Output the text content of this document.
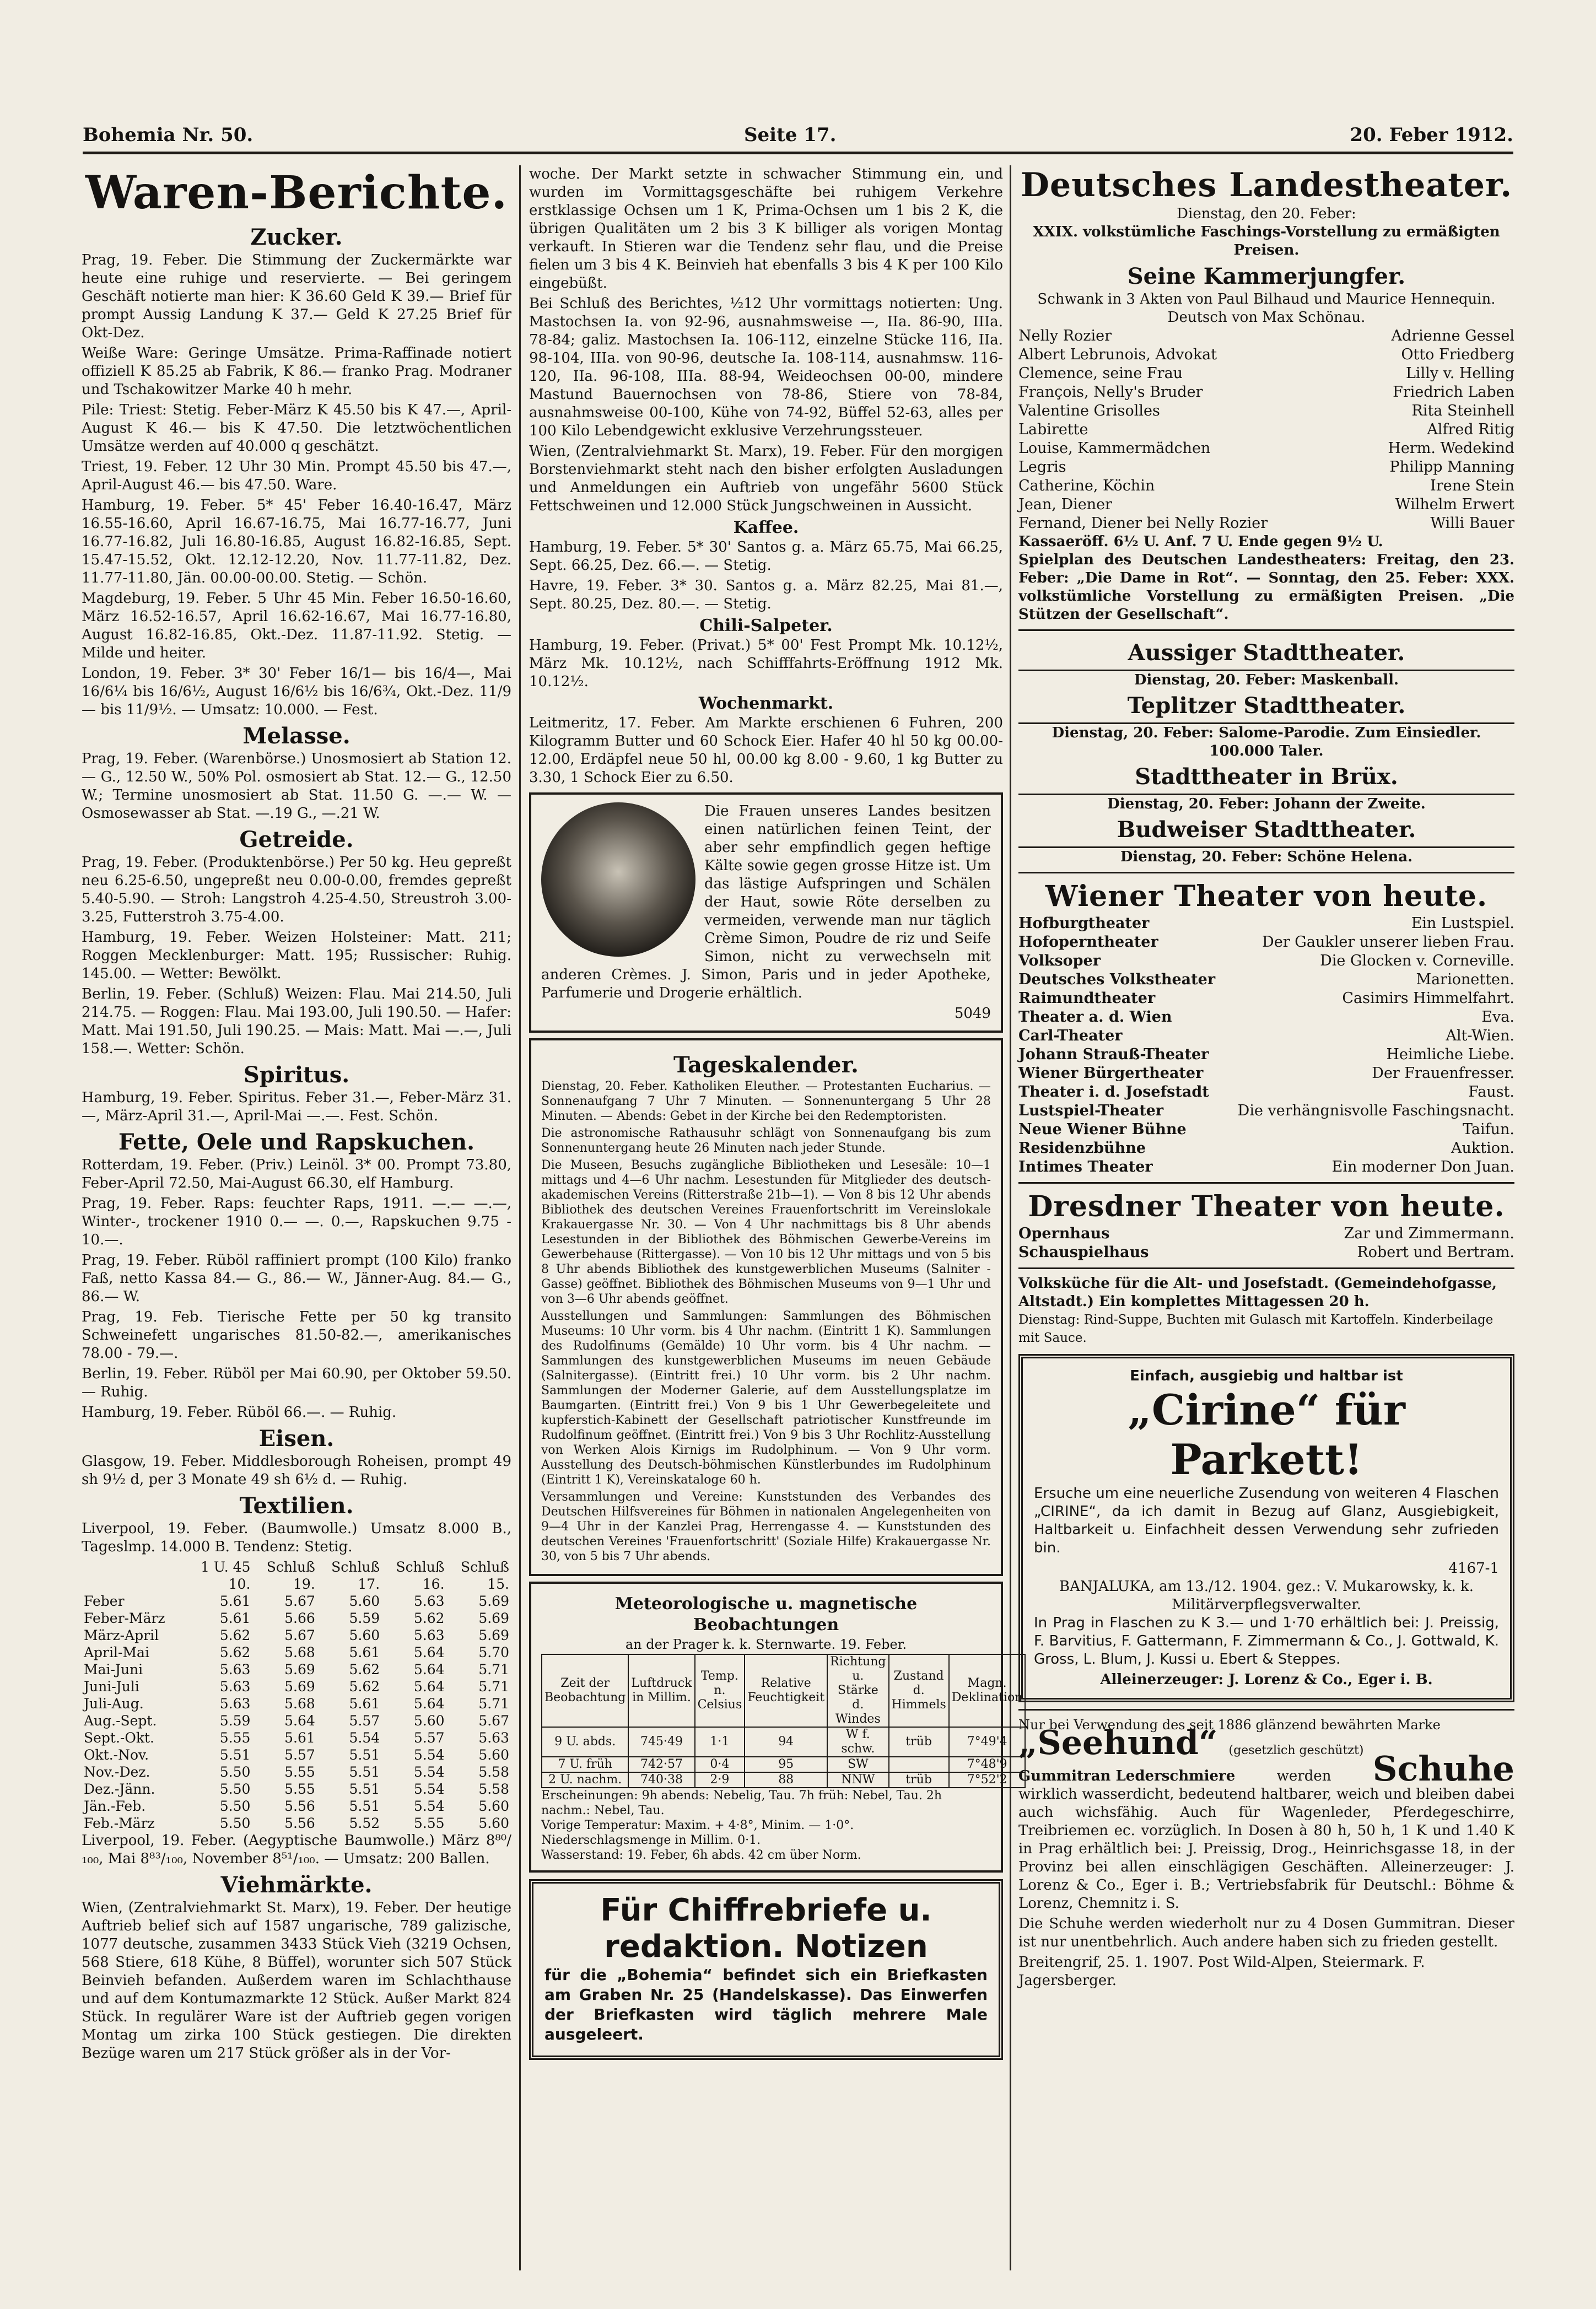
Bohemia Nr. 50.	Seite 17.	20. Feber 1912.
Waren-Berichte.
Zucker.

Prag, 19. Feber. Die Stimmung der Zuckermärkte war heute eine ruhige und reservierte. — Bei geringem Geschäft notierte man hier: K 36.60 Geld K 39.— Brief für prompt Aussig Landung K 37.— Geld K 27.25 Brief für Okt-Dez.

Weiße Ware: Geringe Umsätze. Prima-Raffinade notiert offiziell K 85.25 ab Fabrik, K 86.— franko Prag. Modraner und Tschakowitzer Marke 40 h mehr.

Pile: Triest: Stetig. Feber-März K 45.50 bis K 47.—, April-August K 46.— bis K 47.50. Die letztwöchentlichen Umsätze werden auf 40.000 q geschätzt.

Triest, 19. Feber. 12 Uhr 30 Min. Prompt 45.50 bis 47.—, April-August 46.— bis 47.50. Ware.

Hamburg, 19. Feber. 5* 45' Feber 16.40-16.47, März 16.55-16.60, April 16.67-16.75, Mai 16.77-16.77, Juni 16.77-16.82, Juli 16.80-16.85, August 16.82-16.85, Sept. 15.47-15.52, Okt. 12.12-12.20, Nov. 11.77-11.82, Dez. 11.77-11.80, Jän. 00.00-00.00. Stetig. — Schön.

Magdeburg, 19. Feber. 5 Uhr 45 Min. Feber 16.50-16.60, März 16.52-16.57, April 16.62-16.67, Mai 16.77-16.80, August 16.82-16.85, Okt.-Dez. 11.87-11.92. Stetig. — Milde und heiter.

London, 19. Feber. 3* 30' Feber 16/1— bis 16/4—, Mai 16/6¼ bis 16/6½, August 16/6½ bis 16/6¾, Okt.-Dez. 11/9— bis 11/9½. — Umsatz: 10.000. — Fest.

Melasse.

Prag, 19. Feber. (Warenbörse.) Unosmosiert ab Station 12.— G., 12.50 W., 50% Pol. osmosiert ab Stat. 12.— G., 12.50 W.; Termine unosmosiert ab Stat. 11.50 G. —.— W. — Osmosewasser ab Stat. —.19 G., —.21 W.

Getreide.

Prag, 19. Feber. (Produktenbörse.) Per 50 kg. Heu gepreßt neu 6.25-6.50, ungepreßt neu 0.00-0.00, fremdes gepreßt 5.40-5.90. — Stroh: Langstroh 4.25-4.50, Streustroh 3.00-3.25, Futterstroh 3.75-4.00.

Hamburg, 19. Feber. Weizen Holsteiner: Matt. 211; Roggen Mecklenburger: Matt. 195; Russischer: Ruhig. 145.00. — Wetter: Bewölkt.

Berlin, 19. Feber. (Schluß) Weizen: Flau. Mai 214.50, Juli 214.75. — Roggen: Flau. Mai 193.00, Juli 190.50. — Hafer: Matt. Mai 191.50, Juli 190.25. — Mais: Matt. Mai —.—, Juli 158.—. Wetter: Schön.

Spiritus.

Hamburg, 19. Feber. Spiritus. Feber 31.—, Feber-März 31.—, März-April 31.—, April-Mai —.—. Fest. Schön.

Fette, Oele und Rapskuchen.

Rotterdam, 19. Feber. (Priv.) Leinöl. 3* 00. Prompt 73.80, Feber-April 72.50, Mai-August 66.30, elf Hamburg.

Prag, 19. Feber. Raps: feuchter Raps, 1911. —.— —.—, Winter-, trockener 1910 0.— —. 0.—, Rapskuchen 9.75 - 10.—.

Prag, 19. Feber. Rüböl raffiniert prompt (100 Kilo) franko Faß, netto Kassa 84.— G., 86.— W., Jänner-Aug. 84.— G., 86.— W.

Prag, 19. Feb. Tierische Fette per 50 kg transito Schweinefett ungarisches 81.50-82.—, amerikanisches 78.00 - 79.—.

Berlin, 19. Feber. Rüböl per Mai 60.90, per Oktober 59.50. — Ruhig.

Hamburg, 19. Feber. Rüböl 66.—. — Ruhig.

Eisen.

Glasgow, 19. Feber. Middlesborough Roheisen, prompt 49 sh 9½ d, per 3 Monate 49 sh 6½ d. — Ruhig.

Textilien.

Liverpool, 19. Feber. (Baumwolle.) Umsatz 8.000 B., Tageslmp. 14.000 B. Tendenz: Stetig.

	1 U. 45	Schluß	Schluß	Schluß	Schluß
	10.	19.	17.	16.	15.
Feber	5.61	5.67	5.60	5.63	5.69
Feber-März	5.61	5.66	5.59	5.62	5.69
März-April	5.62	5.67	5.60	5.63	5.69
April-Mai	5.62	5.68	5.61	5.64	5.70
Mai-Juni	5.63	5.69	5.62	5.64	5.71
Juni-Juli	5.63	5.69	5.62	5.64	5.71
Juli-Aug.	5.63	5.68	5.61	5.64	5.71
Aug.-Sept.	5.59	5.64	5.57	5.60	5.67
Sept.-Okt.	5.55	5.61	5.54	5.57	5.63
Okt.-Nov.	5.51	5.57	5.51	5.54	5.60
Nov.-Dez.	5.50	5.55	5.51	5.54	5.58
Dez.-Jänn.	5.50	5.55	5.51	5.54	5.58
Jän.-Feb.	5.50	5.56	5.51	5.54	5.60
Feb.-März	5.50	5.56	5.52	5.55	5.60

Liverpool, 19. Feber. (Aegyptische Baumwolle.) März 8⁸⁰/₁₀₀, Mai 8⁸³/₁₀₀, November 8⁵¹/₁₀₀. — Umsatz: 200 Ballen.

Viehmärkte.

Wien, (Zentralviehmarkt St. Marx), 19. Feber. Der heutige Auftrieb belief sich auf 1587 ungarische, 789 galizische, 1077 deutsche, zusammen 3433 Stück Vieh (3219 Ochsen, 568 Stiere, 618 Kühe, 8 Büffel), worunter sich 507 Stück Beinvieh befanden. Außerdem waren im Schlachthause und auf dem Kontumazmarkte 12 Stück. Außer Markt 824 Stück. In regulärer Ware ist der Auftrieb gegen vorigen Montag um zirka 100 Stück gestiegen. Die direkten Bezüge waren um 217 Stück größer als in der Vor-

woche. Der Markt setzte in schwacher Stimmung ein, und wurden im Vormittagsgeschäfte bei ruhigem Verkehre erstklassige Ochsen um 1 K, Prima-Ochsen um 1 bis 2 K, die übrigen Qualitäten um 2 bis 3 K billiger als vorigen Montag verkauft. In Stieren war die Tendenz sehr flau, und die Preise fielen um 3 bis 4 K. Beinvieh hat ebenfalls 3 bis 4 K per 100 Kilo eingebüßt.

Bei Schluß des Berichtes, ½12 Uhr vormittags notierten: Ung. Mastochsen Ia. von 92-96, ausnahmsweise —, IIa. 86-90, IIIa. 78-84; galiz. Mastochsen Ia. 106-112, einzelne Stücke 116, IIa. 98-104, IIIa. von 90-96, deutsche Ia. 108-114, ausnahmsw. 116-120, IIa. 96-108, IIIa. 88-94, Weideochsen 00-00, mindere Mastund Bauernochsen von 78-86, Stiere von 78-84, ausnahmsweise 00-100, Kühe von 74-92, Büffel 52-63, alles per 100 Kilo Lebendgewicht exklusive Verzehrungssteuer.

Wien, (Zentralviehmarkt St. Marx), 19. Feber. Für den morgigen Borstenviehmarkt steht nach den bisher erfolgten Ausladungen und Anmeldungen ein Auftrieb von ungefähr 5600 Stück Fettschweinen und 12.000 Stück Jungschweinen in Aussicht.

Kaffee.

Hamburg, 19. Feber. 5* 30' Santos g. a. März 65.75, Mai 66.25, Sept. 66.25, Dez. 66.—. — Stetig.

Havre, 19. Feber. 3* 30. Santos g. a. März 82.25, Mai 81.—, Sept. 80.25, Dez. 80.—. — Stetig.

Chili-Salpeter.

Hamburg, 19. Feber. (Privat.) 5* 00' Fest Prompt Mk. 10.12½, März Mk. 10.12½, nach Schifffahrts-Eröffnung 1912 Mk. 10.12½.

Wochenmarkt.

Leitmeritz, 17. Feber. Am Markte erschienen 6 Fuhren, 200 Kilogramm Butter und 60 Schock Eier. Hafer 40 hl 50 kg 00.00-12.00, Erdäpfel neue 50 hl, 00.00 kg 8.00 - 9.60, 1 kg Butter zu 3.30, 1 Schock Eier zu 6.50.

Die Frauen unseres Landes besitzen einen natürlichen feinen Teint, der aber sehr empfindlich gegen heftige Kälte sowie gegen grosse Hitze ist. Um das lästige Aufspringen und Schälen der Haut, sowie Röte derselben zu vermeiden, verwende man nur täglich Crème Simon, Poudre de riz und Seife Simon, nicht zu verwechseln mit anderen Crèmes. J. Simon, Paris und in jeder Apotheke, Parfumerie und Drogerie erhältlich.

5049
Tageskalender.

Dienstag, 20. Feber. Katholiken Eleuther. — Protestanten Eucharius. — Sonnenaufgang 7 Uhr 7 Minuten. — Sonnenuntergang 5 Uhr 28 Minuten. — Abends: Gebet in der Kirche bei den Redemptoristen.

Die astronomische Rathausuhr schlägt von Sonnenaufgang bis zum Sonnenuntergang heute 26 Minuten nach jeder Stunde.

Die Museen, Besuchs zugängliche Bibliotheken und Lesesäle: 10—1 mittags und 4—6 Uhr nachm. Lesestunden für Mitglieder des deutsch-akademischen Vereins (Ritterstraße 21b—1). — Von 8 bis 12 Uhr abends Bibliothek des deutschen Vereines Frauenfortschritt im Vereinslokale Krakauergasse Nr. 30. — Von 4 Uhr nachmittags bis 8 Uhr abends Lesestunden in der Bibliothek des Böhmischen Gewerbe-Vereins im Gewerbehause (Rittergasse). — Von 10 bis 12 Uhr mittags und von 5 bis 8 Uhr abends Bibliothek des kunstgewerblichen Museums (Salniter - Gasse) geöffnet. Bibliothek des Böhmischen Museums von 9—1 Uhr und von 3—6 Uhr abends geöffnet.

Ausstellungen und Sammlungen: Sammlungen des Böhmischen Museums: 10 Uhr vorm. bis 4 Uhr nachm. (Eintritt 1 K). Sammlungen des Rudolfinums (Gemälde) 10 Uhr vorm. bis 4 Uhr nachm. — Sammlungen des kunstgewerblichen Museums im neuen Gebäude (Salnitergasse). (Eintritt frei.) 10 Uhr vorm. bis 2 Uhr nachm. Sammlungen der Moderner Galerie, auf dem Ausstellungsplatze im Baumgarten. (Eintritt frei.) Von 9 bis 1 Uhr Gewerbegeleitete und kupferstich-Kabinett der Gesellschaft patriotischer Kunstfreunde im Rudolfinum geöffnet. (Eintritt frei.) Von 9 bis 3 Uhr Rochlitz-Ausstellung von Werken Alois Kirnigs im Rudolphinum. — Von 9 Uhr vorm. Ausstellung des Deutsch-böhmischen Künstlerbundes im Rudolphinum (Eintritt 1 K), Vereinskataloge 60 h.

Versammlungen und Vereine: Kunststunden des Verbandes des Deutschen Hilfsvereines für Böhmen in nationalen Angelegenheiten von 9—4 Uhr in der Kanzlei Prag, Herrengasse 4. — Kunststunden des deutschen Vereines 'Frauenfortschritt' (Soziale Hilfe) Krakauergasse Nr. 30, von 5 bis 7 Uhr abends.

Meteorologische u. magnetische Beobachtungen
an der Prager k. k. Sternwarte. 19. Feber.
Zeit der Beobachtung	Luftdruck in Millim.	Temp. n. Celsius	Relative Feuchtigkeit	Richtung u. Stärke d. Windes	Zustand d. Himmels	Magn. Deklination
9 U. abds.	745·49	1·1	94	W f. schw.	trüb	7°49'4
7 U. früh	742·57	0·4	95	SW		7°48'9
2 U. nachm.	740·38	2·9	88	NNW	trüb	7°52'2
Erscheinungen: 9h abends: Nebelig, Tau. 7h früh: Nebel, Tau. 2h nachm.: Nebel, Tau.
Vorige Temperatur: Maxim. + 4·8°, Minim. — 1·0°.
Niederschlagsmenge in Millim. 0·1.
Wasserstand: 19. Feber, 6h abds. 42 cm über Norm.
Für Chiffrebriefe u. redaktion. Notizen

für die „Bohemia“ befindet sich ein Briefkasten am Graben Nr. 25 (Handelskasse). Das Einwerfen der Briefkasten wird täglich mehrere Male ausgeleert.

Deutsches Landestheater.
Dienstag, den 20. Feber:
XXIX. volkstümliche Faschings-Vorstellung zu ermäßigten Preisen.
Seine Kammerjungfer.
Schwank in 3 Akten von Paul Bilhaud und Maurice Hennequin. Deutsch von Max Schönau.
Nelly Rozier	Adrienne Gessel
Albert Lebrunois, Advokat	Otto Friedberg
Clemence, seine Frau	Lilly v. Helling
François, Nelly's Bruder	Friedrich Laben
Valentine Grisolles	Rita Steinhell
Labirette	Alfred Ritig
Louise, Kammermädchen	Herm. Wedekind
Legris	Philipp Manning
Catherine, Köchin	Irene Stein
Jean, Diener	Wilhelm Erwert
Fernand, Diener bei Nelly Rozier	Willi Bauer
Kassaeröff. 6½ U. Anf. 7 U. Ende gegen 9½ U.

Spielplan des Deutschen Landestheaters: Freitag, den 23. Feber: „Die Dame in Rot“. — Sonntag, den 25. Feber: XXX. volkstümliche Vorstellung zu ermäßigten Preisen. „Die Stützen der Gesellschaft“.

Aussiger Stadttheater.
Dienstag, 20. Feber: Maskenball.
Teplitzer Stadttheater.
Dienstag, 20. Feber: Salome-Parodie. Zum Einsiedler. 100.000 Taler.
Stadttheater in Brüx.
Dienstag, 20. Feber: Johann der Zweite.
Budweiser Stadttheater.
Dienstag, 20. Feber: Schöne Helena.
Wiener Theater von heute.
Hofburgtheater	Ein Lustspiel.
Hofoperntheater	Der Gaukler unserer lieben Frau.
Volksoper	Die Glocken v. Corneville.
Deutsches Volkstheater	Marionetten.
Raimundtheater	Casimirs Himmelfahrt.
Theater a. d. Wien	Eva.
Carl-Theater	Alt-Wien.
Johann Strauß-Theater	Heimliche Liebe.
Wiener Bürgertheater	Der Frauenfresser.
Theater i. d. Josefstadt	Faust.
Lustspiel-Theater	Die verhängnisvolle Faschingsnacht.
Neue Wiener Bühne	Taifun.
Residenzbühne	Auktion.
Intimes Theater	Ein moderner Don Juan.
Dresdner Theater von heute.
Opernhaus	Zar und Zimmermann.
Schauspielhaus	Robert und Bertram.
Volksküche für die Alt- und Josefstadt. (Gemeindehofgasse, Altstadt.) Ein komplettes Mittagessen 20 h.
Dienstag: Rind-Suppe, Buchten mit Gulasch mit Kartoffeln. Kinderbeilage mit Sauce.
Einfach, ausgiebig und haltbar ist
„Cirine“ für Parkett!

Ersuche um eine neuerliche Zusendung von weiteren 4 Flaschen „CIRINE“, da ich damit in Bezug auf Glanz, Ausgiebigkeit, Haltbarkeit u. Einfachheit dessen Verwendung sehr zufrieden bin.

4167-1
BANJALUKA, am 13./12. 1904. gez.: V. Mukarowsky, k. k. Militärverpflegsverwalter.

In Prag in Flaschen zu K 3.— und 1·70 erhältlich bei: J. Preissig, F. Barvitius, F. Gattermann, F. Zimmermann & Co., J. Gottwald, K. Gross, L. Blum, J. Kussi u. Ebert & Steppes.

Alleinerzeuger: J. Lorenz & Co., Eger i. B.
Nur bei Verwendung des seit 1886 glänzend bewährten Marke
„Seehund“ (gesetzlich geschützt)
Gummitran Lederschmiere	werden Schuhe

wirklich wasserdicht, bedeutend haltbarer, weich und bleiben dabei auch wichsfähig. Auch für Wagenleder, Pferdegeschirre, Treibriemen ec. vorzüglich. In Dosen à 80 h, 50 h, 1 K und 1.40 K in Prag erhältlich bei: J. Preissig, Drog., Heinrichsgasse 18, in der Provinz bei allen einschlägigen Geschäften. Alleinerzeuger: J. Lorenz & Co., Eger i. B.; Vertriebsfabrik für Deutschl.: Böhme & Lorenz, Chemnitz i. S.

Die Schuhe werden wiederholt nur zu 4 Dosen Gummitran. Dieser ist nur unentbehrlich. Auch andere haben sich zu frieden gestellt.

Breitengrif, 25. 1. 1907. Post Wild-Alpen, Steiermark. F. Jagersberger.
